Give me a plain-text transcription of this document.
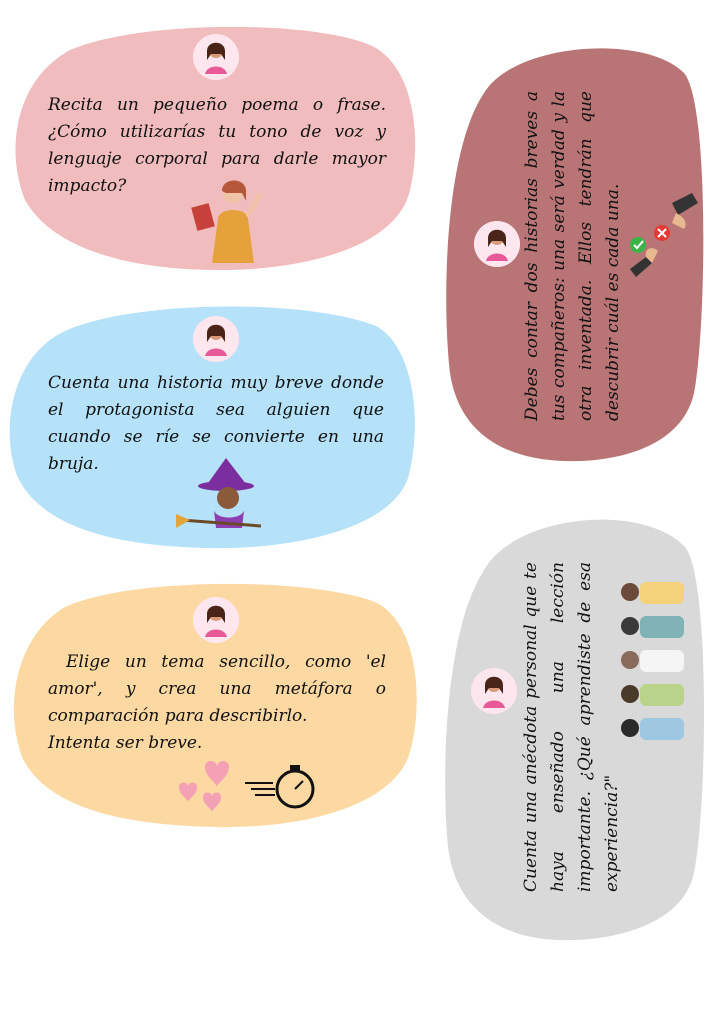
Recita un pequeño poema o frase. ¿Cómo utilizarías tu tono de voz y lenguaje corporal para darle mayor impacto?

Cuenta una historia muy breve donde el protagonista sea alguien que cuando se ríe se convierte en una bruja.

Elige un tema sencillo, como 'el amor', y crea una metáfora o comparación para describirlo.

Intenta ser breve.

Debes contar dos historias breves a tus compañeros: una será verdad y la otra inventada. Ellos tendrán que descubrir cuál es cada una.

Cuenta una anécdota personal que te haya enseñado una lección importante. ¿Qué aprendiste de esa experiencia?"
